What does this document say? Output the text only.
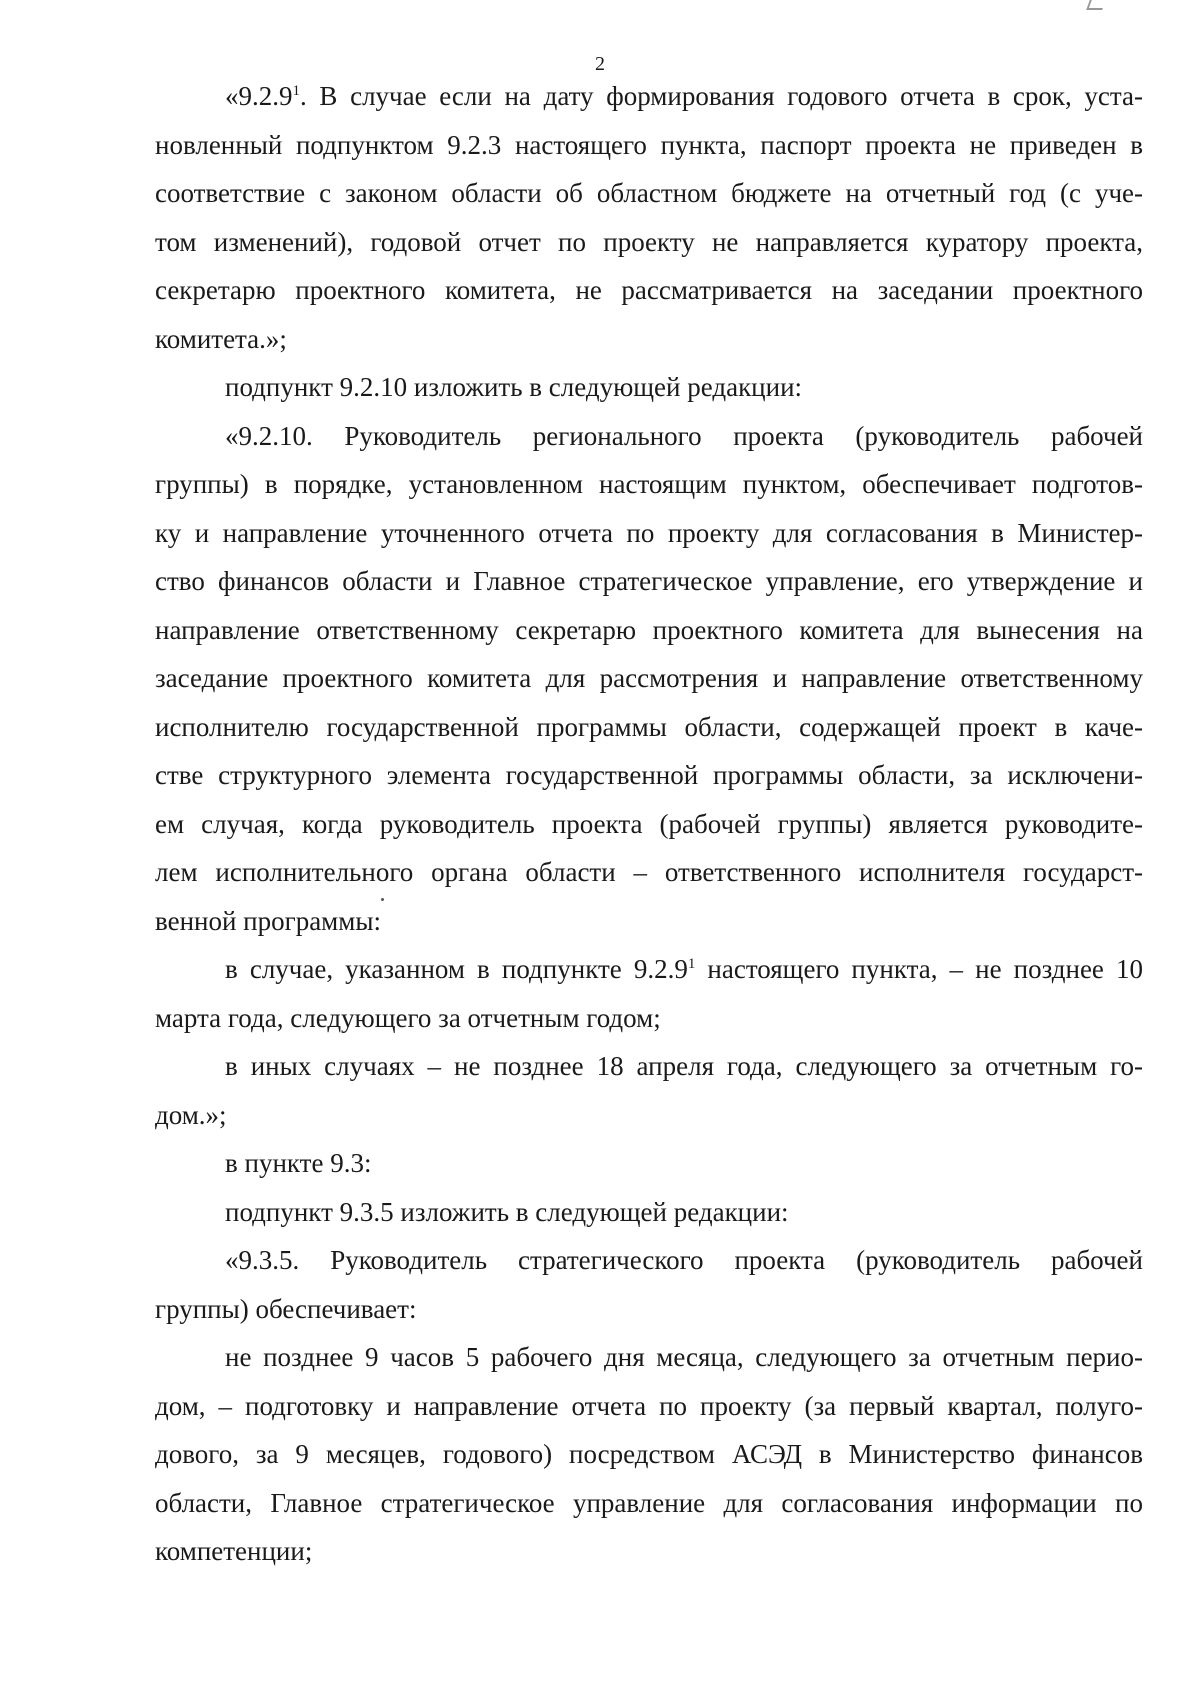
2
«9.2.9$^1$. В случае если на дату формирования годового отчета в срок, уста-
новленный подпунктом 9.2.3 настоящего пункта, паспорт проекта не приведен в
соответствие с законом области об областном бюджете на отчетный год (с уче-
том изменений), годовой отчет по проекту не направляется куратору проекта,
секретарю проектного комитета, не рассматривается на заседании проектного
комитета.»;
подпункт 9.2.10 изложить в следующей редакции:
«9.2.10. Руководитель регионального проекта (руководитель рабочей
группы) в порядке, установленном настоящим пунктом, обеспечивает подготов-
ку и направление уточненного отчета по проекту для согласования в Министер-
ство финансов области и Главное стратегическое управление, его утверждение и
направление ответственному секретарю проектного комитета для вынесения на
заседание проектного комитета для рассмотрения и направление ответственному
исполнителю государственной программы области, содержащей проект в каче-
стве структурного элемента государственной программы области, за исключени-
ем случая, когда руководитель проекта (рабочей группы) является руководите-
лем исполнительного органа области – ответственного исполнителя государст-
венной программы:
в случае, указанном в подпункте 9.2.9$^1$ настоящего пункта, – не позднее 10
марта года, следующего за отчетным годом;
в иных случаях – не позднее 18 апреля года, следующего за отчетным го-
дом.»;
в пункте 9.3:
подпункт 9.3.5 изложить в следующей редакции:
«9.3.5. Руководитель стратегического проекта (руководитель рабочей
группы) обеспечивает:
не позднее 9 часов 5 рабочего дня месяца, следующего за отчетным перио-
дом, – подготовку и направление отчета по проекту (за первый квартал, полуго-
дового, за 9 месяцев, годового) посредством АСЭД в Министерство финансов
области, Главное стратегическое управление для согласования информации по
компетенции;
